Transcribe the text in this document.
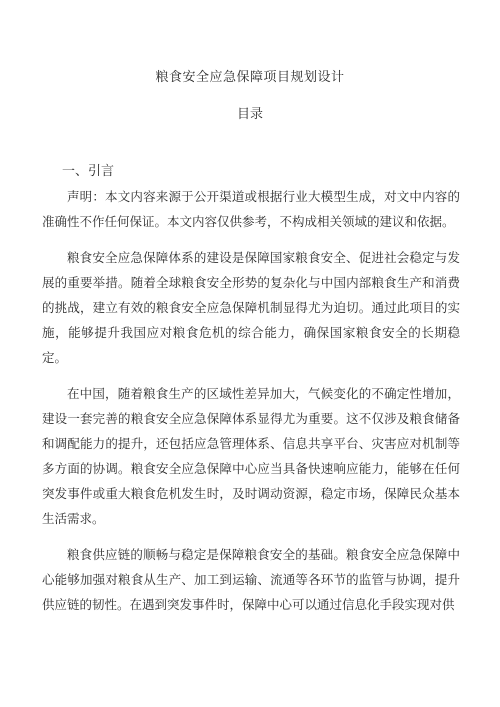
粮食安全应急保障项目规划设计
目录
一、引言

声明：本文内容来源于公开渠道或根据行业大模型生成，对文中内容的准确性不作任何保证。本文内容仅供参考，不构成相关领域的建议和依据。

粮食安全应急保障体系的建设是保障国家粮食安全、促进社会稳定与发展的重要举措。随着全球粮食安全形势的复杂化与中国内部粮食生产和消费的挑战，建立有效的粮食安全应急保障机制显得尤为迫切。通过此项目的实施，能够提升我国应对粮食危机的综合能力，确保国家粮食安全的长期稳定。

在中国，随着粮食生产的区域性差异加大，气候变化的不确定性增加，建设一套完善的粮食安全应急保障体系显得尤为重要。这不仅涉及粮食储备和调配能力的提升，还包括应急管理体系、信息共享平台、灾害应对机制等多方面的协调。粮食安全应急保障中心应当具备快速响应能力，能够在任何突发事件或重大粮食危机发生时，及时调动资源，稳定市场，保障民众基本生活需求。

粮食供应链的顺畅与稳定是保障粮食安全的基础。粮食安全应急保障中心能够加强对粮食从生产、加工到运输、流通等各环节的监管与协调，提升供应链的韧性。在遇到突发事件时，保障中心可以通过信息化手段实现对供
